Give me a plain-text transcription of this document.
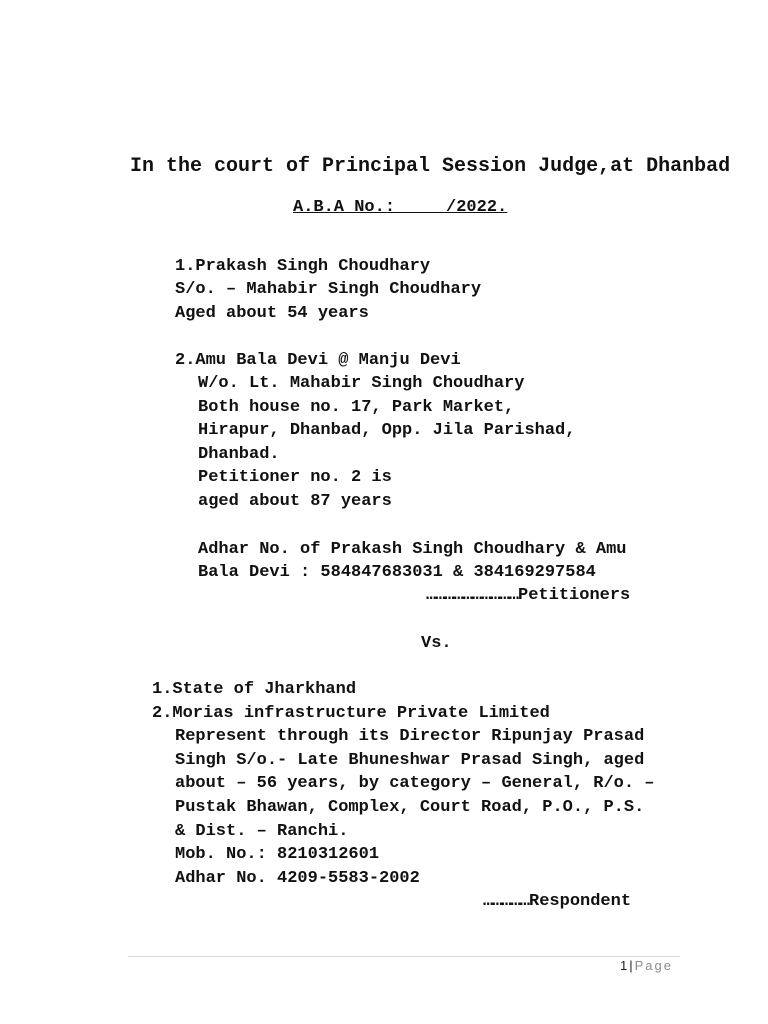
In the court of Principal Session Judge,at Dhanbad
A.B.A No.:     /2022.
1.Prakash Singh Choudhary
S/o. – Mahabir Singh Choudhary
Aged about 54 years
2.Amu Bala Devi @ Manju Devi
W/o. Lt. Mahabir Singh Choudhary
Both house no. 17, Park Market,
Hirapur, Dhanbad, Opp. Jila Parishad,
Dhanbad.
Petitioner no. 2 is
aged about 87 years
Adhar No. of Prakash Singh Choudhary & Amu
Bala Devi : 584847683031 & 384169297584
…………………………Petitioners
Vs.
1.State of Jharkhand
2.Morias infrastructure Private Limited
Represent through its Director Ripunjay Prasad
Singh S/o.- Late Bhuneshwar Prasad Singh, aged
about – 56 years, by category – General, R/o. –
Pustak Bhawan, Complex, Court Road, P.O., P.S.
& Dist. – Ranchi.
Mob. No.: 8210312601
Adhar No. 4209-5583-2002
……………Respondent
1 | Page
